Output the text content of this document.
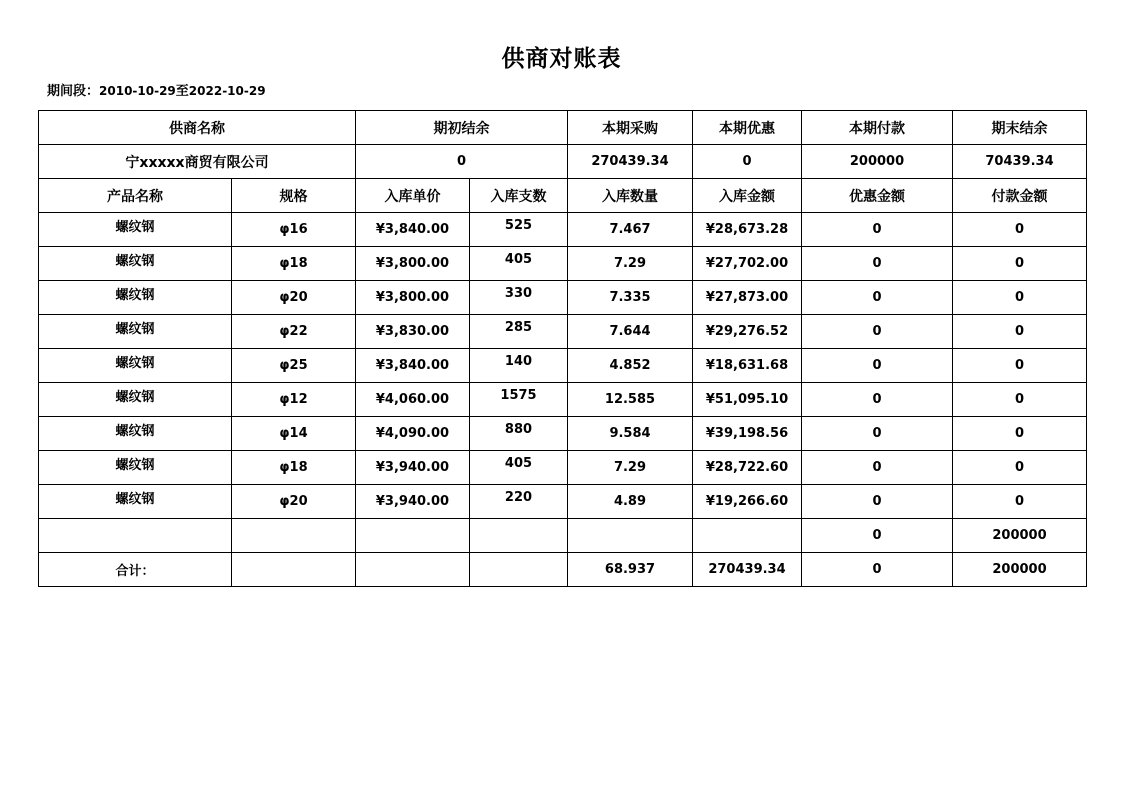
供商对账表
期间段：2010-10-29至2022-10-29
供商名称		期初结余		本期采购	本期优惠	本期付款	期末结余
宁xxxxx商贸有限公司		0		270439.34	0	200000	70439.34
产品名称	规格	入库单价	入库支数	入库数量	入库金额	优惠金额	付款金额
螺纹钢	φ16	¥3,840.00	525	7.467	¥28,673.28	0	0
螺纹钢	φ18	¥3,800.00	405	7.29	¥27,702.00	0	0
螺纹钢	φ20	¥3,800.00	330	7.335	¥27,873.00	0	0
螺纹钢	φ22	¥3,830.00	285	7.644	¥29,276.52	0	0
螺纹钢	φ25	¥3,840.00	140	4.852	¥18,631.68	0	0
螺纹钢	φ12	¥4,060.00	1575	12.585	¥51,095.10	0	0
螺纹钢	φ14	¥4,090.00	880	9.584	¥39,198.56	0	0
螺纹钢	φ18	¥3,940.00	405	7.29	¥28,722.60	0	0
螺纹钢	φ20	¥3,940.00	220	4.89	¥19,266.60	0	0
						0	200000
合计：				68.937	270439.34	0	200000
